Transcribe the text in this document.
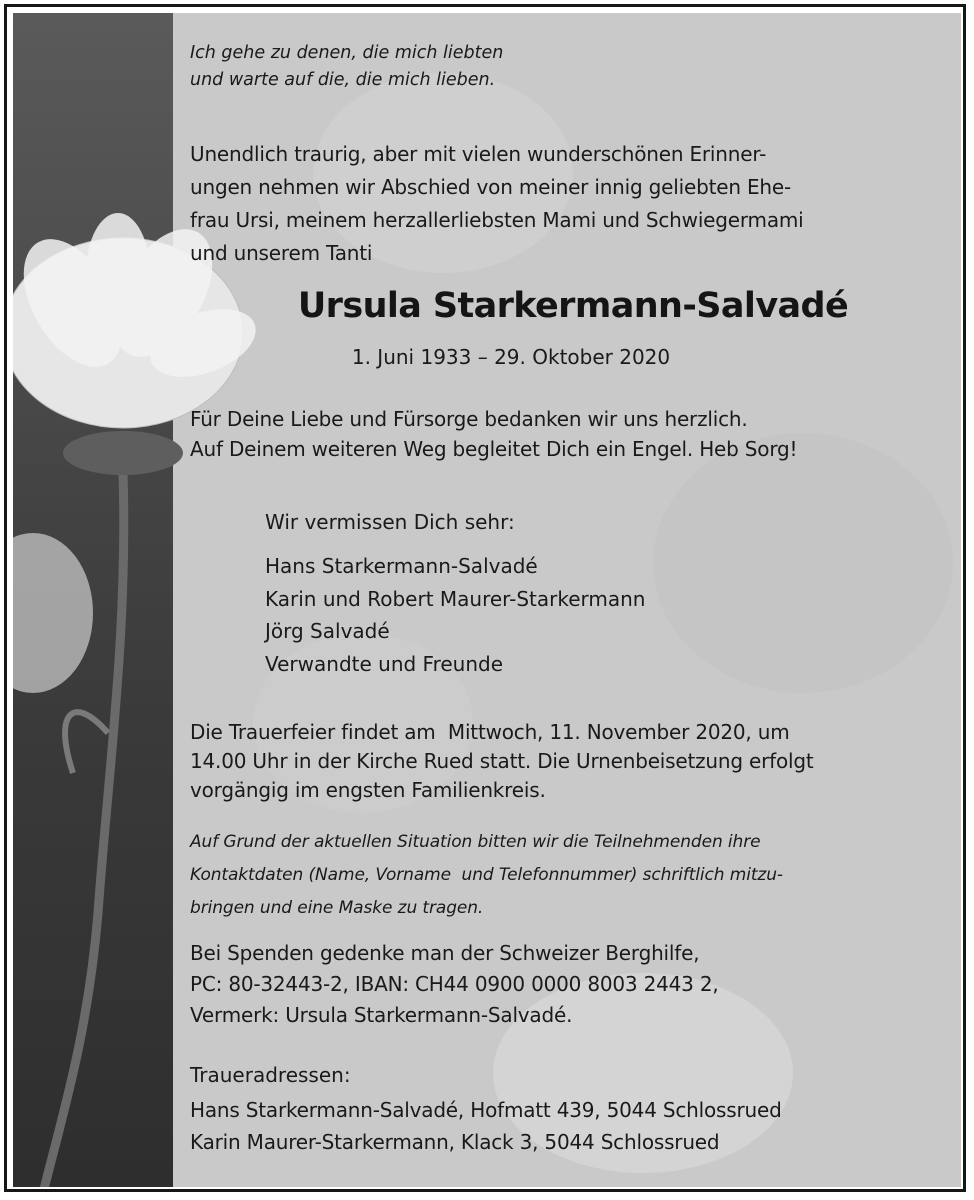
Ich gehe zu denen, die mich liebten
und warte auf die, die mich lieben.
Unendlich traurig, aber mit vielen wunderschönen Erinner-
ungen nehmen wir Abschied von meiner innig geliebten Ehe-
frau Ursi, meinem herzallerliebsten Mami und Schwiegermami
und unserem Tanti
Ursula Starkermann-Salvadé
1. Juni 1933 – 29. Oktober 2020
Für Deine Liebe und Fürsorge bedanken wir uns herzlich.
Auf Deinem weiteren Weg begleitet Dich ein Engel. Heb Sorg!
Wir vermissen Dich sehr:
Hans Starkermann-Salvadé
Karin und Robert Maurer-Starkermann
Jörg Salvadé
Verwandte und Freunde
Die Trauerfeier findet am  Mittwoch, 11. November 2020, um
14.00 Uhr in der Kirche Rued statt. Die Urnenbeisetzung erfolgt
vorgängig im engsten Familienkreis.
Auf Grund der aktuellen Situation bitten wir die Teilnehmenden ihre
Kontaktdaten (Name, Vorname  und Telefonnummer) schriftlich mitzu-
bringen und eine Maske zu tragen.
Bei Spenden gedenke man der Schweizer Berghilfe,
PC: 80-32443-2, IBAN: CH44 0900 0000 8003 2443 2,
Vermerk: Ursula Starkermann-Salvadé.
Traueradressen:
Hans Starkermann-Salvadé, Hofmatt 439, 5044 Schlossrued
Karin Maurer-Starkermann, Klack 3, 5044 Schlossrued
